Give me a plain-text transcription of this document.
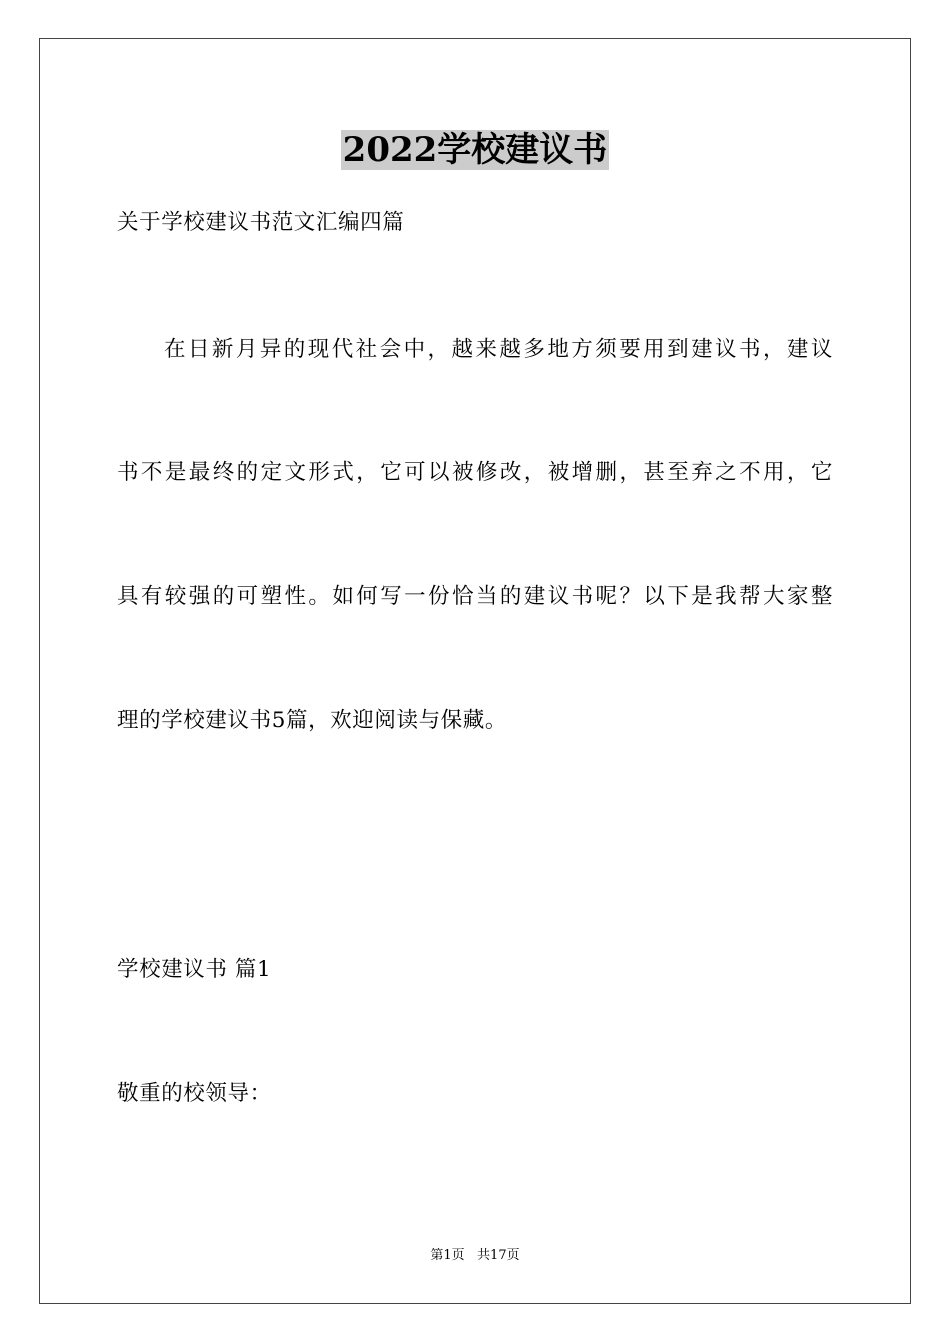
2022学校建议书
关于学校建议书范文汇编四篇
在日新月异的现代社会中，越来越多地方须要用到建议书，建议
书不是最终的定文形式，它可以被修改，被增删，甚至弃之不用，它
具有较强的可塑性。如何写一份恰当的建议书呢？以下是我帮大家整
理的学校建议书5篇，欢迎阅读与保藏。
学校建议书 篇1
敬重的校领导：
第1页   共17页
